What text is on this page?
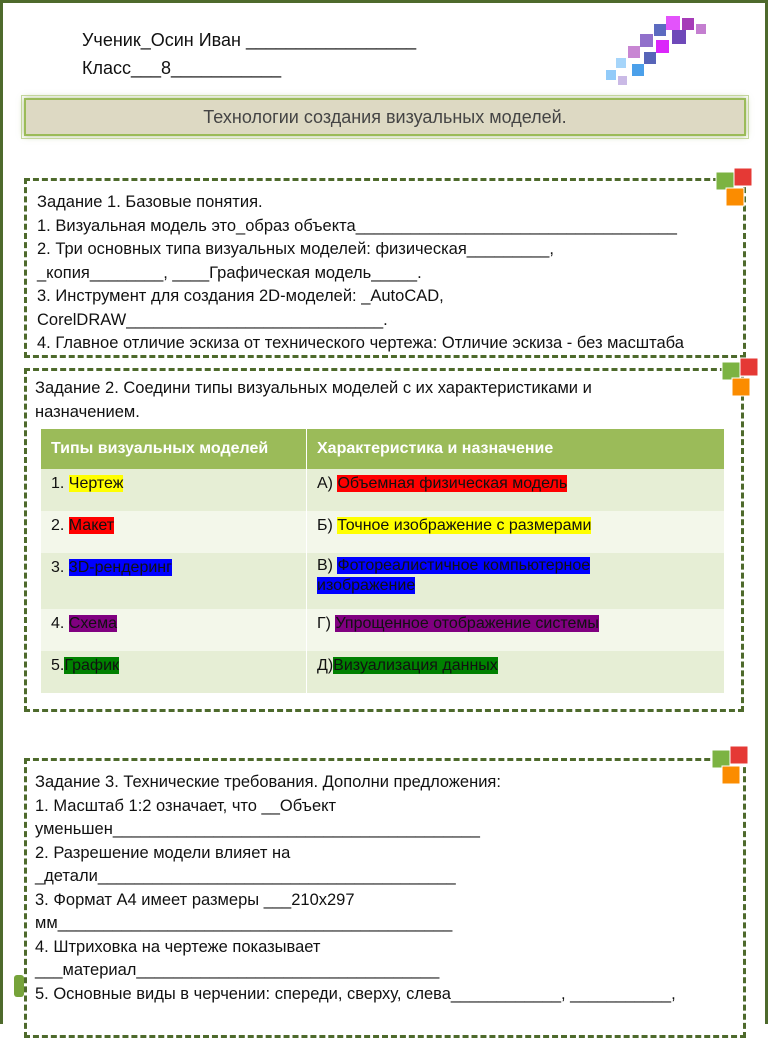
Ученик_Осин Иван _________________
Класс___8___________
Технологии создания визуальных моделей.
Задание 1. Базовые понятия.
1. Визуальная модель это_образ объекта___________________________________
2. Три основных типа визуальных моделей: физическая_________,
_копия________, ____Графическая модель_____.
3. Инструмент для создания 2D-моделей: _AutoCAD,
CorelDRAW____________________________.
4. Главное отличие эскиза от технического чертежа: Отличие эскиза - без масштаба
Задание 2. Соедини типы визуальных моделей с их характеристиками и
назначением.
Типы визуальных моделей	Характеристика и назначение
1. Чертеж	А) Объемная физическая модель
2. Макет	Б) Точное изображение с размерами
3. 3D-рендеринг	В) Фотореалистичное компьютерное
изображение
4. Схема	Г) Упрощенное отображение системы
5.График	Д)Визуализация данных
Задание 3. Технические требования. Дополни предложения:
1. Масштаб 1:2 означает, что __Объект
уменьшен________________________________________
2. Разрешение модели влияет на
_детали_______________________________________
3. Формат А4 имеет размеры ___210x297
мм___________________________________________
4. Штриховка на чертеже показывает
___материал_________________________________
5. Основные виды в черчении: спереди, сверху, слева____________, ___________,
